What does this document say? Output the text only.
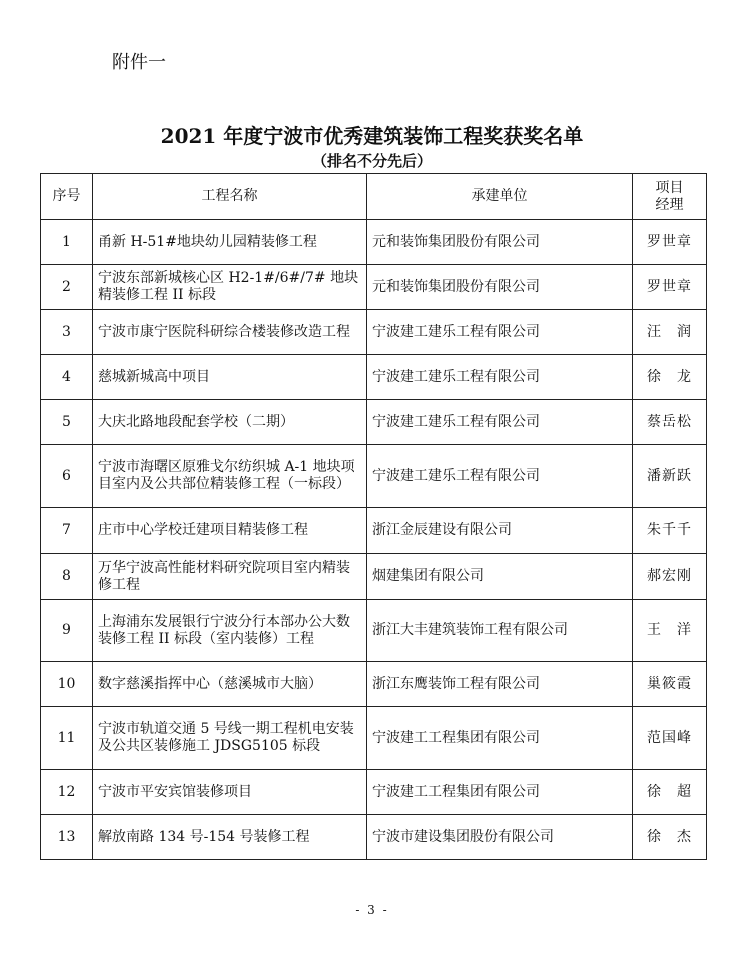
附件一
2021 年度宁波市优秀建筑装饰工程奖获奖名单
（排名不分先后）
序号	工程名称	承建单位	项目
经理

1	甬新 H-51#地块幼儿园精装修工程	元和装饰集团股份有限公司	罗世章
2	宁波东部新城核心区 H2-1#/6#/7# 地块精装修工程 II 标段	元和装饰集团股份有限公司	罗世章
3	宁波市康宁医院科研综合楼装修改造工程	宁波建工建乐工程有限公司	汪　润
4	慈城新城高中项目	宁波建工建乐工程有限公司	徐　龙
5	大庆北路地段配套学校（二期）	宁波建工建乐工程有限公司	蔡岳松
6	宁波市海曙区原雅戈尔纺织城 A-1 地块项目室内及公共部位精装修工程（一标段）	宁波建工建乐工程有限公司	潘新跃
7	庄市中心学校迁建项目精装修工程	浙江金辰建设有限公司	朱千千
8	万华宁波高性能材料研究院项目室内精装修工程	烟建集团有限公司	郝宏刚
9	上海浦东发展银行宁波分行本部办公大数装修工程 II 标段（室内装修）工程	浙江大丰建筑装饰工程有限公司	王　洋
10	数字慈溪指挥中心（慈溪城市大脑）	浙江东鹰装饰工程有限公司	巢筱霞
11	宁波市轨道交通 5 号线一期工程机电安装及公共区装修施工 JDSG5105 标段	宁波建工工程集团有限公司	范国峰
12	宁波市平安宾馆装修项目	宁波建工工程集团有限公司	徐　超
13	解放南路 134 号-154 号装修工程	宁波市建设集团股份有限公司	徐　杰
- 3 -
